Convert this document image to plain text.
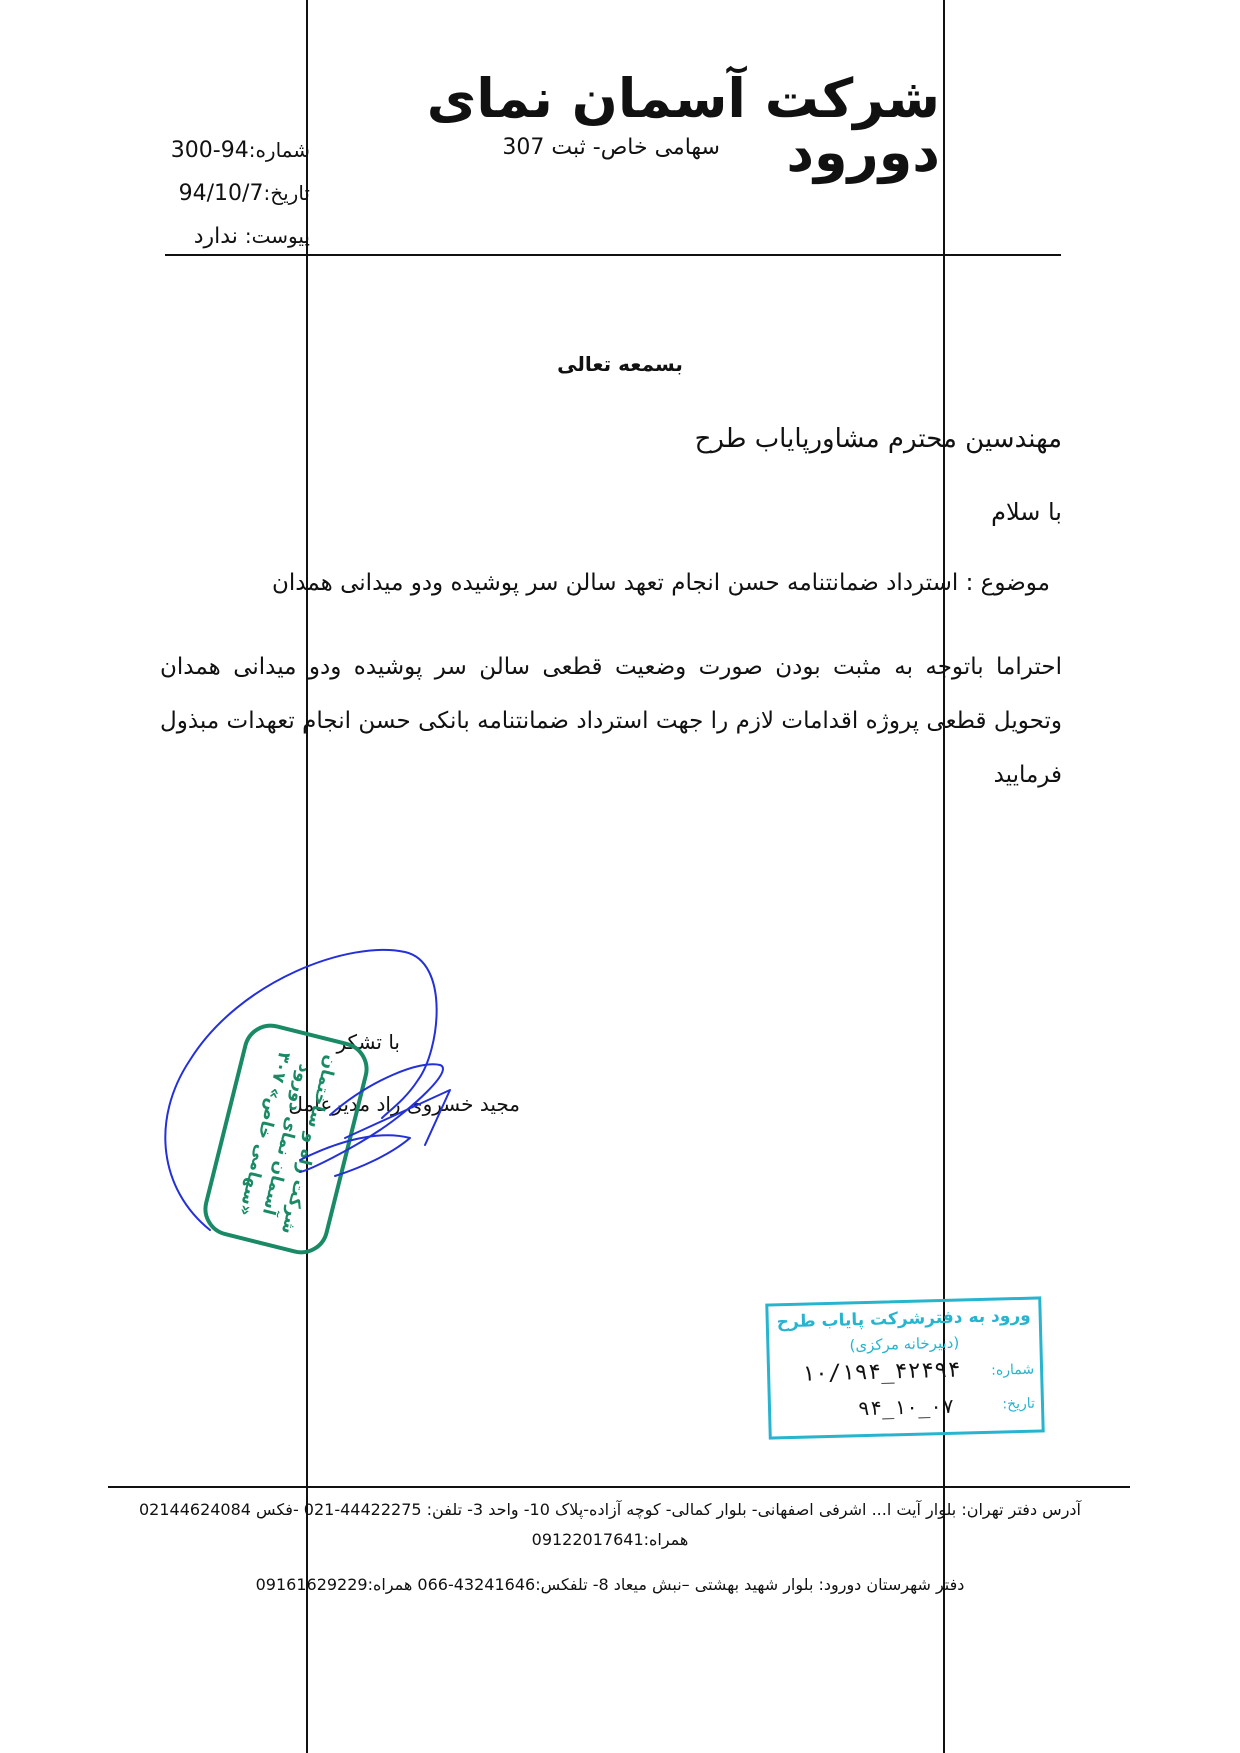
شرکت آسمان نمای دورود
سهامی خاص- ثبت 307
شماره:94-300
تاریخ:94/10/7
پیوست: ندارد
بسمعه تعالی
مهندسین محترم مشاورپایاب طرح
با سلام
موضوع : استرداد ضمانتنامه حسن انجام تعهد سالن سر پوشیده ودو میدانی همدان
احتراما باتوجه به مثبت بودن صورت وضعیت قطعی سالن سر پوشیده ودو میدانی همدان وتحویل قطعی پروژه اقدامات لازم را جهت استرداد ضمانتنامه بانکی حسن انجام تعهدات مبذول فرمایید
با تشکر
مجید خسروی راد مدیرعامل
شرکت راه و ساختمان آسمان نمای دورود «سهامی خاص» ۳۰۷
ورود به دفترشرکت پایاب طرح
(دبیرخانه مرکزی)
شماره:
۱۰/۱۹۴_۴۲۴۹۴
تاریخ:
۹۴_۱۰_۰۷
آدرس دفتر تهران: بلوار آیت ا... اشرفی اصفهانی- بلوار کمالی- کوچه آزاده-پلاک 10- واحد 3- تلفن: 44422275-021 -فکس 02144624084
همراه:09122017641
دفتر شهرستان دورود: بلوار شهید بهشتی –نبش میعاد 8- تلفکس:43241646-066 همراه:09161629229
